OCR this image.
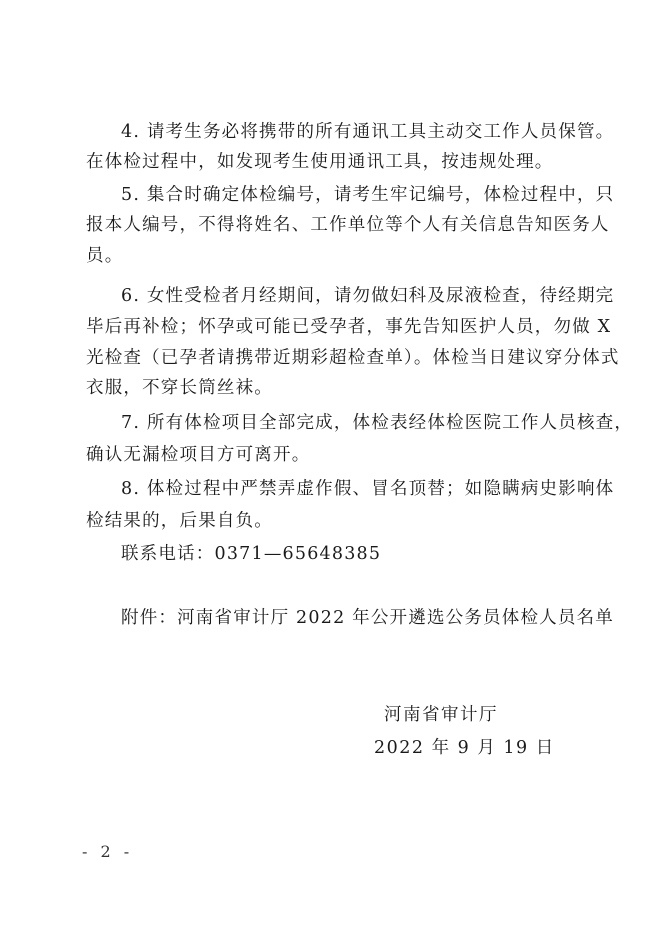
4. 请考生务必将携带的所有通讯工具主动交工作人员保管。
在体检过程中，如发现考生使用通讯工具，按违规处理。
5. 集合时确定体检编号，请考生牢记编号，体检过程中，只
报本人编号，不得将姓名、工作单位等个人有关信息告知医务人
员。
6. 女性受检者月经期间，请勿做妇科及尿液检查，待经期完
毕后再补检；怀孕或可能已受孕者，事先告知医护人员，勿做 X
光检查（已孕者请携带近期彩超检查单）。体检当日建议穿分体式
衣服，不穿长筒丝袜。
7. 所有体检项目全部完成，体检表经体检医院工作人员核查，
确认无漏检项目方可离开。
8. 体检过程中严禁弄虚作假、冒名顶替；如隐瞒病史影响体
检结果的，后果自负。
联系电话：0371—65648385
附件：河南省审计厅 2022 年公开遴选公务员体检人员名单
河南省审计厅
2022 年 9 月 19 日
- 2 -
